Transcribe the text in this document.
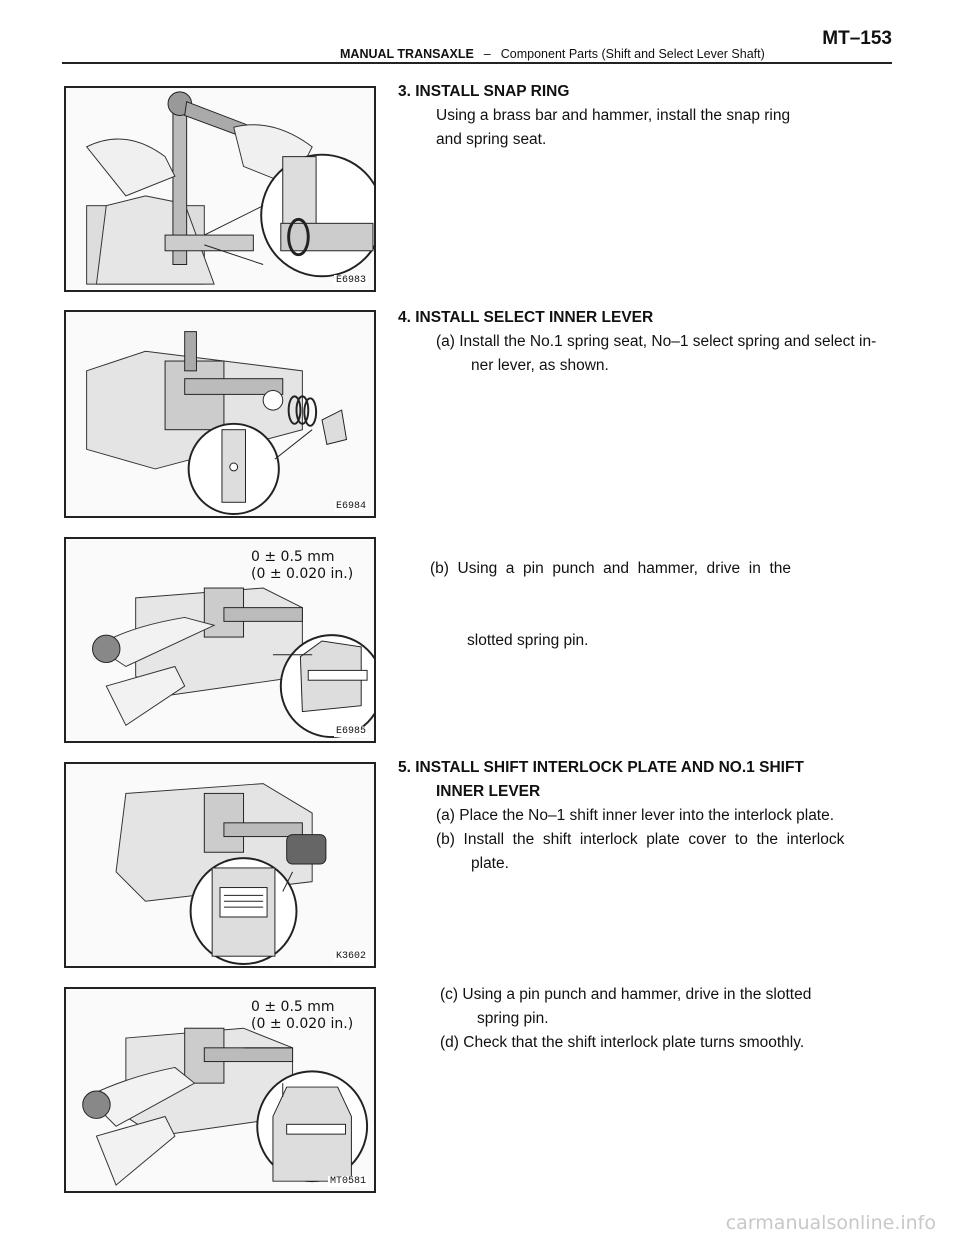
MANUAL TRANSAXLE – Component Parts (Shift and Select Lever Shaft)
MT–153
E6983
E6984
0 ± 0.5 mm
(0 ± 0.020 in.)
E6985
K3602
0 ± 0.5 mm
(0 ± 0.020 in.)
MT0581
3. INSTALL SNAP RING
Using a brass bar and hammer, install the snap ring
and spring seat.
4. INSTALL SELECT INNER LEVER
(a) Install the No.1 spring seat, No–1 select spring and select in-
ner lever, as shown.

(b)  Using  a  pin  punch  and  hammer,  drive  in  the

slotted spring pin.

5. INSTALL SHIFT INTERLOCK PLATE AND NO.1 SHIFT
INNER LEVER
(a) Place the No–1 shift inner lever into the interlock plate.
(b)  Install  the  shift  interlock  plate  cover  to  the  interlock
plate.
(c) Using a pin punch and hammer, drive in the slotted
spring pin.
(d) Check that the shift interlock plate turns smoothly.
carmanualsonline.info
